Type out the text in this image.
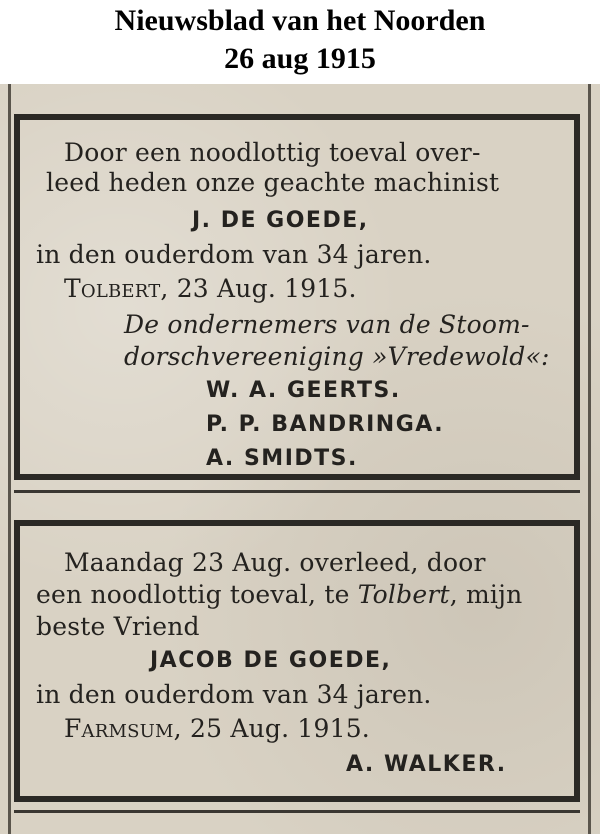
Nieuwsblad van het Noorden
26 aug 1915
Door een noodlottig toeval over-
leed heden onze geachte machinist
J. DE GOEDE,
in den ouderdom van 34 jaren.
Tolbert, 23 Aug. 1915.
De ondernemers van de Stoom-
dorschvereeniging »Vredewold«:
W. A. GEERTS.
P. P. BANDRINGA.
A. SMIDTS.
Maandag 23 Aug. overleed, door
een noodlottig toeval, te Tolbert, mijn
beste Vriend
JACOB DE GOEDE,
in den ouderdom van 34 jaren.
Farmsum, 25 Aug. 1915.
A. WALKER.
